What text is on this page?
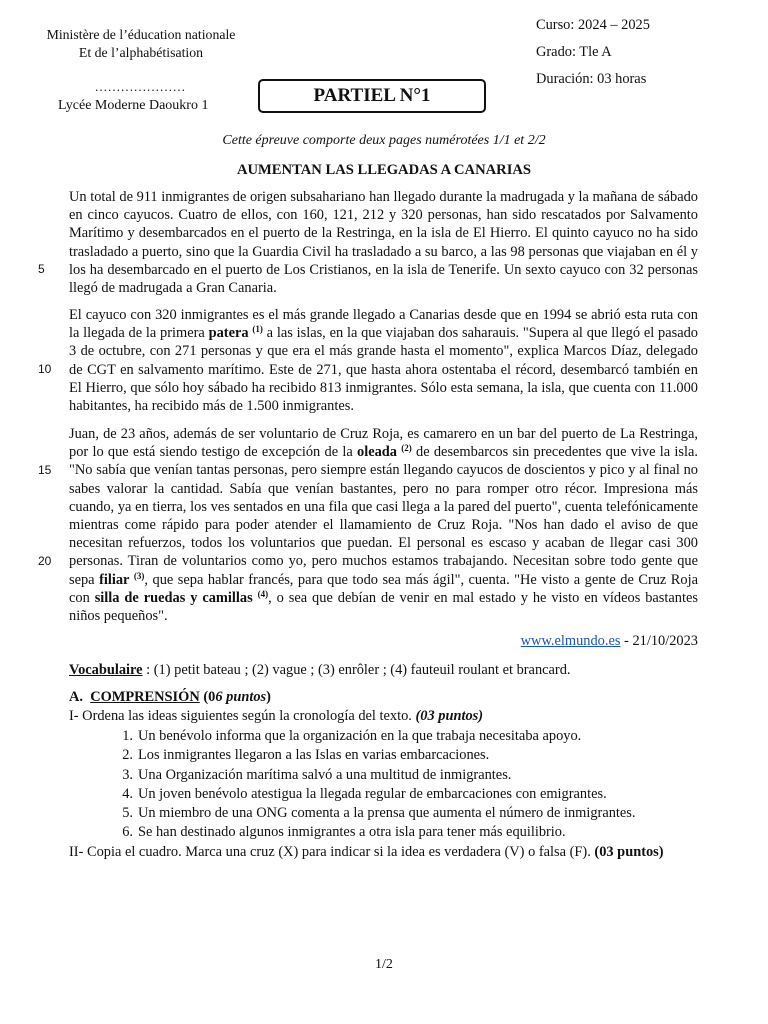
Ministère de l’éducation nationale
Et de l’alphabétisation
…………………
Lycée Moderne Daoukro 1	PARTIEL N°1
Curso: 2024 – 2025
Grado: Tle A
Duración: 03 horas
Cette épreuve comporte deux pages numérotées 1/1 et 2/2
AUMENTAN LAS LLEGADAS A CANARIAS
Un total de 911 inmigrantes de origen subsahariano han llegado durante la madrugada y la mañana de sábado en cinco cayucos. Cuatro de ellos, con 160, 121, 212 y 320 personas, han sido rescatados por Salvamento Marítimo y desembarcados en el puerto de la Restringa, en la isla de El Hierro. El quinto cayuco no ha sido trasladado a puerto, sino que la Guardia Civil ha trasladado a su barco, a las 98 personas que viajaban en él y los ha desembarcado en el puerto de Los Cristianos, en la isla de Tenerife. Un sexto cayuco con 32 personas llegó de madrugada a Gran Canaria.
El cayuco con 320 inmigrantes es el más grande llegado a Canarias desde que en 1994 se abrió esta ruta con la llegada de la primera patera $^{(1)}$ a las islas, en la que viajaban dos saharauis. "Supera al que llegó el pasado 3 de octubre, con 271 personas y que era el más grande hasta el momento", explica Marcos Díaz, delegado de CGT en salvamento marítimo. Este de 271, que hasta ahora ostentaba el récord, desembarcó también en El Hierro, que sólo hoy sábado ha recibido 813 inmigrantes. Sólo esta semana, la isla, que cuenta con 11.000 habitantes, ha recibido más de 1.500 inmigrantes.
Juan, de 23 años, además de ser voluntario de Cruz Roja, es camarero en un bar del puerto de La Restringa, por lo que está siendo testigo de excepción de la oleada $^{(2)}$ de desembarcos sin precedentes que vive la isla. "No sabía que venían tantas personas, pero siempre están llegando cayucos de doscientos y pico y al final no sabes valorar la cantidad. Sabía que venían bastantes, pero no para romper otro récor. Impresiona más cuando, ya en tierra, los ves sentados en una fila que casi llega a la pared del puerto", cuenta telefónicamente mientras come rápido para poder atender el llamamiento de Cruz Roja. "Nos han dado el aviso de que necesitan refuerzos, todos los voluntarios que puedan. El personal es escaso y acaban de llegar casi 300 personas. Tiran de voluntarios como yo, pero muchos estamos trabajando. Necesitan sobre todo gente que sepa filiar $^{(3)}$, que sepa hablar francés, para que todo sea más ágil", cuenta. "He visto a gente de Cruz Roja con silla de ruedas y camillas $^{(4)}$, o sea que debían de venir en mal estado y he visto en vídeos bastantes niños pequeños".
5
10
15
20
www.elmundo.es - 21/10/2023
Vocabulaire : (1) petit bateau ; (2) vague ; (3) enrôler ; (4) fauteuil roulant et brancard.
A. COMPRENSIÓN (06 puntos)
I- Ordena las ideas siguientes según la cronología del texto. (03 puntos)
1. Un benévolo informa que la organización en la que trabaja necesitaba apoyo.
2. Los inmigrantes llegaron a las Islas en varias embarcaciones.
3. Una Organización marítima salvó a una multitud de inmigrantes.
4. Un joven benévolo atestigua la llegada regular de embarcaciones con emigrantes.
5. Un miembro de una ONG comenta a la prensa que aumenta el número de inmigrantes.
6. Se han destinado algunos inmigrantes a otra isla para tener más equilibrio.
II- Copia el cuadro. Marca una cruz (X) para indicar si la idea es verdadera (V) o falsa (F). (03 puntos)
1/2
